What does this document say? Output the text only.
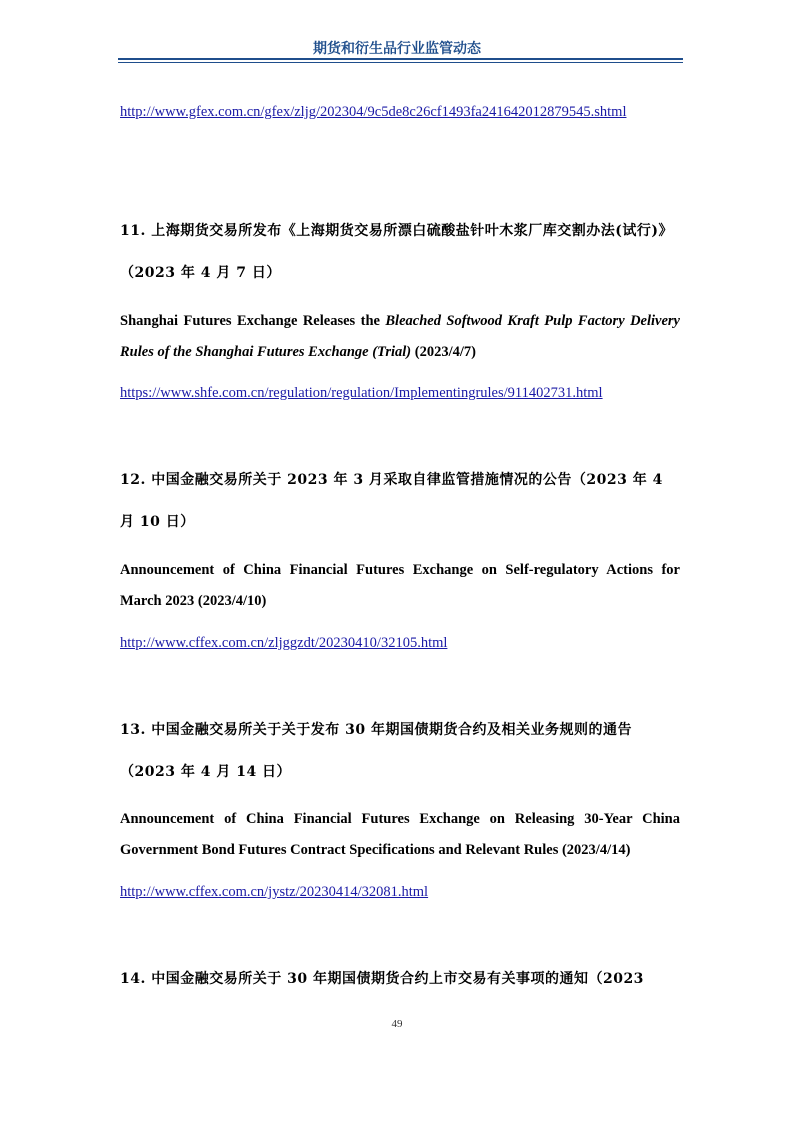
期货和衍生品行业监管动态
http://www.gfex.com.cn/gfex/zljg/202304/9c5de8c26cf1493fa241642012879545.shtml
11. 上海期货交易所发布《上海期货交易所漂白硫酸盐针叶木浆厂库交割办法(试行)》（2023 年 4 月 7 日）
Shanghai Futures Exchange Releases the Bleached Softwood Kraft Pulp Factory Delivery Rules of the Shanghai Futures Exchange (Trial) (2023/4/7)
https://www.shfe.com.cn/regulation/regulation/Implementingrules/911402731.html
12. 中国金融交易所关于 2023 年 3 月采取自律监管措施情况的公告（2023 年 4 月 10 日）
Announcement of China Financial Futures Exchange on Self-regulatory Actions for March 2023 (2023/4/10)
http://www.cffex.com.cn/zljggzdt/20230410/32105.html
13. 中国金融交易所关于关于发布 30 年期国债期货合约及相关业务规则的通告（2023 年 4 月 14 日）
Announcement of China Financial Futures Exchange on Releasing 30-Year China Government Bond Futures Contract Specifications and Relevant Rules (2023/4/14)
http://www.cffex.com.cn/jystz/20230414/32081.html
14. 中国金融交易所关于 30 年期国债期货合约上市交易有关事项的通知（2023
49
